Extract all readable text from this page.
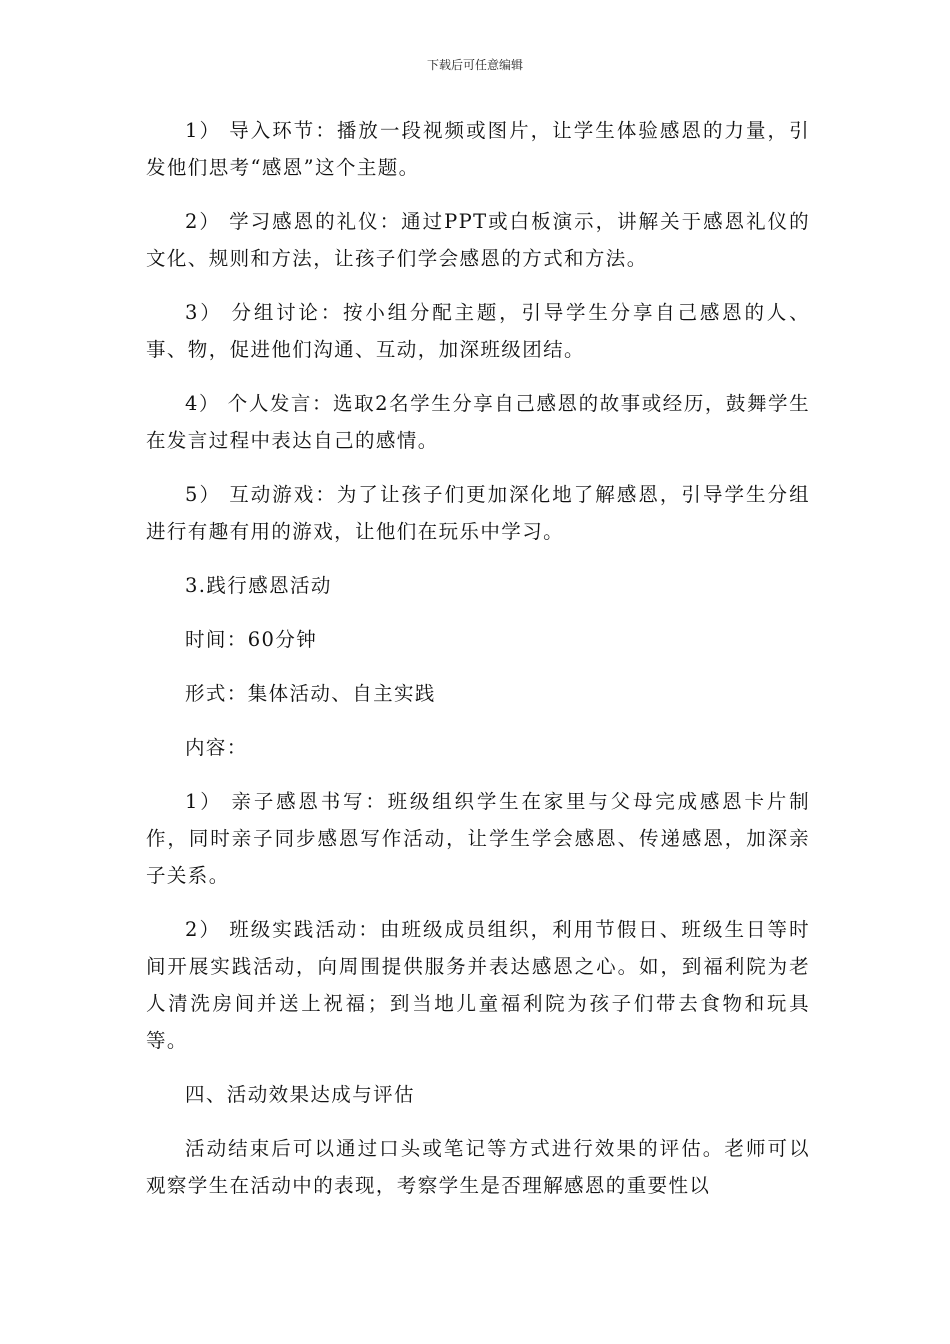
下载后可任意编辑

1） 导入环节：播放一段视频或图片，让学生体验感恩的力量，引发他们思考“感恩”这个主题。

2） 学习感恩的礼仪：通过PPT或白板演示，讲解关于感恩礼仪的文化、规则和方法，让孩子们学会感恩的方式和方法。

3） 分组讨论：按小组分配主题，引导学生分享自己感恩的人、事、物，促进他们沟通、互动，加深班级团结。

4） 个人发言：选取2名学生分享自己感恩的故事或经历，鼓舞学生在发言过程中表达自己的感情。

5） 互动游戏：为了让孩子们更加深化地了解感恩，引导学生分组进行有趣有用的游戏，让他们在玩乐中学习。

3.践行感恩活动

时间：60分钟

形式：集体活动、自主实践

内容：

1） 亲子感恩书写：班级组织学生在家里与父母完成感恩卡片制作，同时亲子同步感恩写作活动，让学生学会感恩、传递感恩，加深亲子关系。

2） 班级实践活动：由班级成员组织，利用节假日、班级生日等时间开展实践活动，向周围提供服务并表达感恩之心。如，到福利院为老人清洗房间并送上祝福；到当地儿童福利院为孩子们带去食物和玩具等。

四、活动效果达成与评估

活动结束后可以通过口头或笔记等方式进行效果的评估。老师可以观察学生在活动中的表现，考察学生是否理解感恩的重要性以
